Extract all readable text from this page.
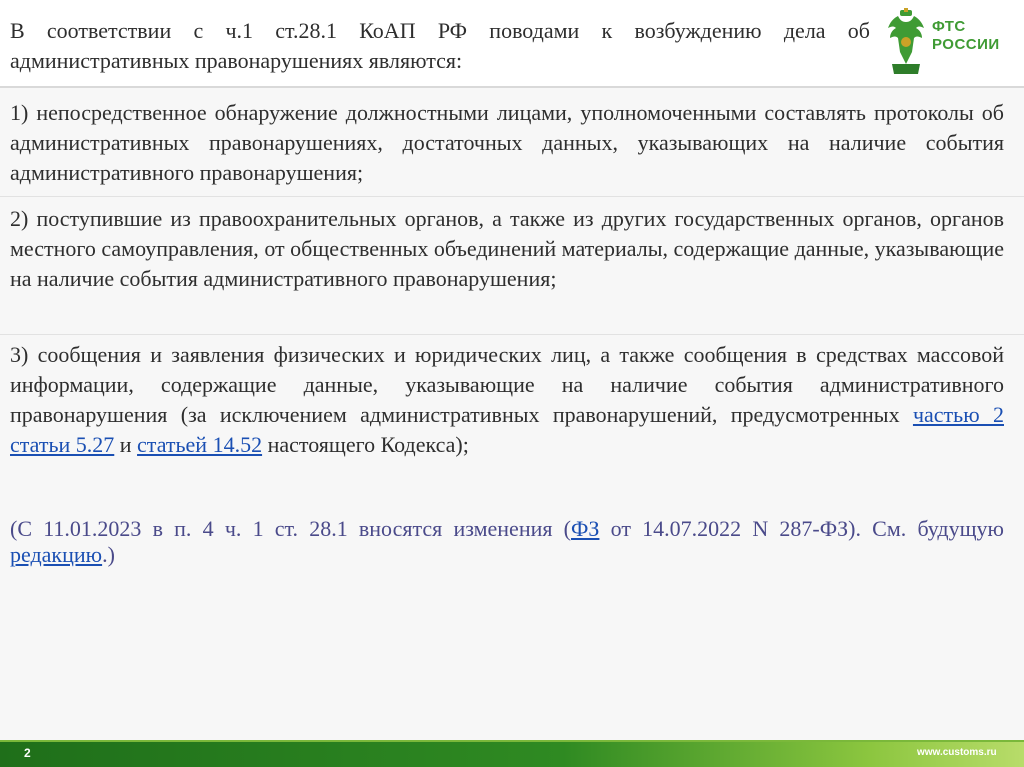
В соответствии с ч.1 ст.28.1 КоАП РФ поводами к возбуждению дела об административных правонарушениях являются:

ФТС
РОССИИ

1) непосредственное обнаружение должностными лицами, уполномоченными составлять протоколы об административных правонарушениях, достаточных данных, указывающих на наличие события административного правонарушения;

2) поступившие из правоохранительных органов, а также из других государственных органов, органов местного самоуправления, от общественных объединений материалы, содержащие данные, указывающие на наличие события административного правонарушения;

3) сообщения и заявления физических и юридических лиц, а также сообщения в средствах массовой информации, содержащие данные, указывающие на наличие события административного правонарушения (за исключением административных правонарушений, предусмотренных частью 2 статьи 5.27 и статьей 14.52 настоящего Кодекса);

(С 11.01.2023 в п. 4 ч. 1 ст. 28.1 вносятся изменения (ФЗ от 14.07.2022 N 287-ФЗ). См. будущую редакцию.)

2	www.customs.ru
